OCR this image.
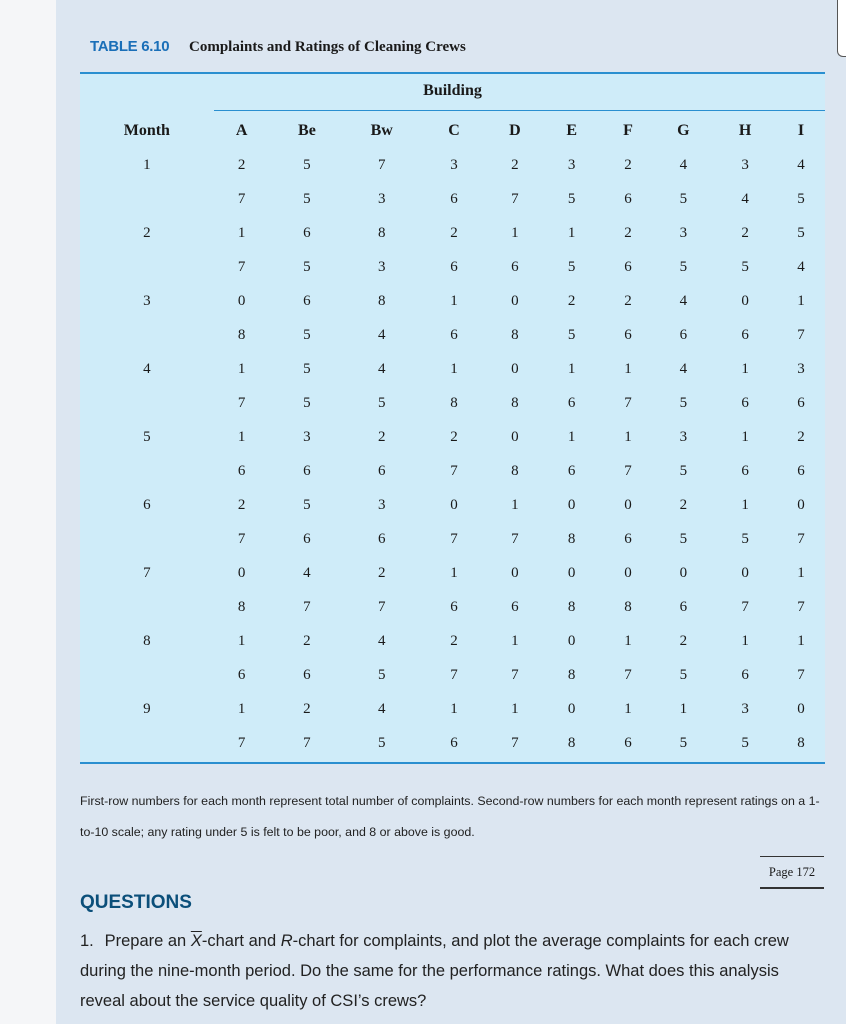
TABLE 6.10 Complaints and Ratings of Cleaning Crews
Building
Month	A	Be	Bw	C	D	E	F	G	H	I
1	2	5	7	3	2	3	2	4	3	4
	7	5	3	6	7	5	6	5	4	5
2	1	6	8	2	1	1	2	3	2	5
	7	5	3	6	6	5	6	5	5	4
3	0	6	8	1	0	2	2	4	0	1
	8	5	4	6	8	5	6	6	6	7
4	1	5	4	1	0	1	1	4	1	3
	7	5	5	8	8	6	7	5	6	6
5	1	3	2	2	0	1	1	3	1	2
	6	6	6	7	8	6	7	5	6	6
6	2	5	3	0	1	0	0	2	1	0
	7	6	6	7	7	8	6	5	5	7
7	0	4	2	1	0	0	0	0	0	1
	8	7	7	6	6	8	8	6	7	7
8	1	2	4	2	1	0	1	2	1	1
	6	6	5	7	7	8	7	5	6	7
9	1	2	4	1	1	0	1	1	3	0
	7	7	5	6	7	8	6	5	5	8
First-row numbers for each month represent total number of complaints. Second-row numbers for each month represent ratings on a 1-to-10 scale; any rating under 5 is felt to be poor, and 8 or above is good.
Page 172
QUESTIONS
1. Prepare an $\overline{X}$-chart and R-chart for complaints, and plot the average complaints for each crew during the nine-month period. Do the same for the performance ratings. What does this analysis reveal about the service quality of CSI’s crews?
